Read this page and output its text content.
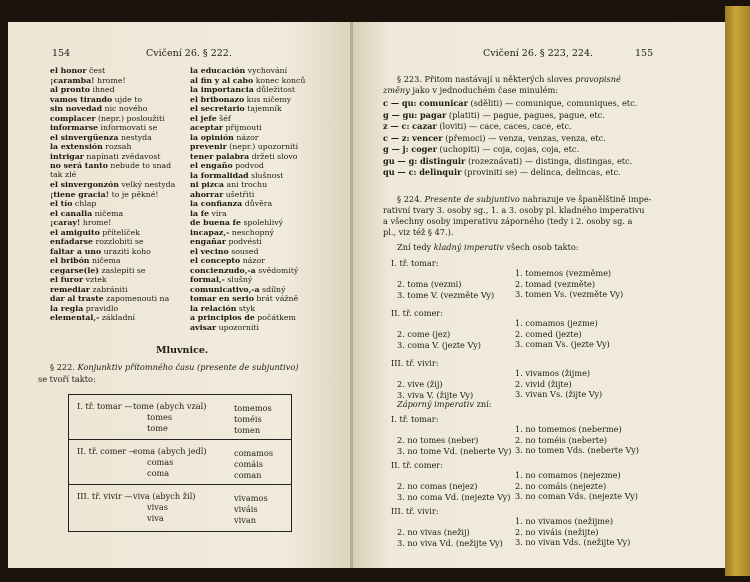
154	Cvičení 26. § 222.
el honor čest
¡caramba! hrome!
al pronto ihned
vamos tirando ujde to
sin novedad nic nového
complacer (nepr.) posloužiti
informarse informovati se
el sinvergüenza nestyda
la extensión rozsah
intrigar napínati zvědavost
no será tanto nebude to snad tak zlé
el sinvergonzón velký nestyda
¡tiene gracia! to je pěkné!
el tío chlap
el canalla ničema
¡caray! hrome!
el amiguito přítelíček
enfadarse rozzlobiti se
faltar a uno uraziti koho
el bribón ničema
cegarse(le) zaslepiti se
el furor vztek
remediar zabrániti
dar al traste zapomenouti na
la regla pravidlo
elemental,- základní
la educación vychování
al fin y al cabo konec konců
la importancia důležitost
el bribonazo kus ničemy
el secretario tajemník
el jefe šéf
aceptar přijmouti
la opinión názor
prevenir (nepr.) upozorniti
tener palabra držeti slovo
el engaño podvod
la formalidad slušnost
ni pizca ani trochu
ahorrar ušetřiti
la confianza důvěra
la fe víra
de buena fe spolehlivý
incapaz,- neschopný
engañar podvésti
el vecino soused
el concepto názor
concienzudo,-a svědomitý
formal,- slušný
comunicativo,-a sdílný
tomar en serio brát vážně
la relación styk
a principios de počátkem
avisar upozorniti
Mluvnice.
§ 222. Konjunktiv přítomného času (presente de subjuntivo)
se tvoří takto:
I. tř. tomar — tome (abych vzal)
tomes
tome
tomemos
toméis
tomen
II. tř. comer —
coma (abych jedl)
comas
coma
comamos
comáis
coman
III. tř. vivir — viva (abych žil)
vivas
viva
vivamos
viváis
vivan
Cvičení 26. § 223, 224.	155
§ 223. Přitom nastávají u některých sloves pravopisné
změny jako v jednoduchém čase minulém:
c — qu: comunicar (sděliti) — comunique, comuniques, etc.
g — gu: pagar (platiti) — pague, pagues, pague, etc.
z — c: cazar (loviti) — cace, caces, cace, etc.
c — z: vencer (přemoci) — venza, venzas, venza, etc.
g — j: coger (uchopiti) — coja, cojas, coja, etc.
gu — g: distinguir (rozeznávati) — distinga, distingas, etc.
qu — c: delinquir (proviniti se) — delinca, delincas, etc.
§ 224. Presente de subjuntivo nahrazuje ve španělštině impe-
rativní tvary 3. osoby sg., 1. a 3. osoby pl. kladného imperativu
a všechny osoby imperativu záporného (tedy i 2. osoby sg. a
pl., viz též § 47.).
Zní tedy kladný imperativ všech osob takto:
I. tř. tomar:
1. tomemos (vezměme)
2. tomad (vezměte)
3. tomen Vs. (vezměte Vy)
2. toma (vezmi)
3. tome V. (vezměte Vy)
II. tř. comer:
1. comamos (jezme)
2. comed (jezte)
3. coman Vs. (jezte Vy)
2. come (jez)
3. coma V. (jezte Vy)
III. tř. vivir:
1. vivamos (žijme)
2. vivid (žijte)
3. vivan Vs. (žijte Vy)
2. vive (žij)
3. viva V. (žijte Vy)
Záporný imperativ zní:
I. tř. tomar:
1. no tomemos (neberme)
2. no toméis (neberte)
3. no tomen Vds. (neberte Vy)
2. no tomes (neber)
3. no tome Vd. (neberte Vy)
II. tř. comer:
1. no comamos (nejezme)
2. no comáis (nejezte)
3. no coman Vds. (nejezte Vy)
2. no comas (nejez)
3. no coma Vd. (nejezte Vy)
III. tř. vivir:
1. no vivamos (nežijme)
2. no viváis (nežijte)
3. no vivan Vds. (nežijte Vy)
2. no vivas (nežij)
3. no viva Vd. (nežijte Vy)
